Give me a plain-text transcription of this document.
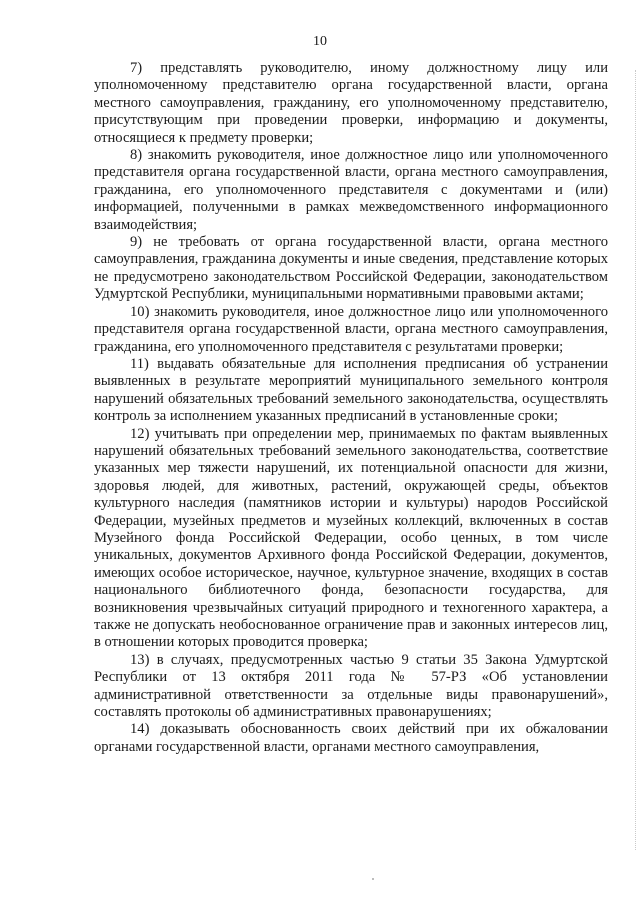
10

7) представлять руководителю, иному должностному лицу или уполномоченному представителю органа государственной власти, органа местного самоуправления, гражданину, его уполномоченному представителю, присутствующим при проведении проверки, информацию и документы, относящиеся к предмету проверки;

8) знакомить руководителя, иное должностное лицо или уполномоченного представителя органа государственной власти, органа местного самоуправления, гражданина, его уполномоченного представителя с документами и (или) информацией, полученными в рамках межведомственного информационного взаимодействия;

9) не требовать от органа государственной власти, органа местного самоуправления, гражданина документы и иные сведения, представление которых не предусмотрено законодательством Российской Федерации, законодательством Удмуртской Республики, муниципальными нормативными правовыми актами;

10) знакомить руководителя, иное должностное лицо или уполномоченного представителя органа государственной власти, органа местного самоуправления, гражданина, его уполномоченного представителя с результатами проверки;

11) выдавать обязательные для исполнения предписания об устранении выявленных в результате мероприятий муниципального земельного контроля нарушений обязательных требований земельного законодательства, осуществлять контроль за исполнением указанных предписаний в установленные сроки;

12) учитывать при определении мер, принимаемых по фактам выявленных нарушений обязательных требований земельного законодательства, соответствие указанных мер тяжести нарушений, их потенциальной опасности для жизни, здоровья людей, для животных, растений, окружающей среды, объектов культурного наследия (памятников истории и культуры) народов Российской Федерации, музейных предметов и музейных коллекций, включенных в состав Музейного фонда Российской Федерации, особо ценных, в том числе уникальных, документов Архивного фонда Российской Федерации, документов, имеющих особое историческое, научное, культурное значение, входящих в состав национального библиотечного фонда, безопасности государства, для возникновения чрезвычайных ситуаций природного и техногенного характера, а также не допускать необоснованное ограничение прав и законных интересов лиц, в отношении которых проводится проверка;

13) в случаях, предусмотренных частью 9 статьи 35 Закона Удмуртской Республики от 13 октября 2011 года № 57-РЗ «Об установлении административной ответственности за отдельные виды правонарушений», составлять протоколы об административных правонарушениях;

14) доказывать обоснованность своих действий при их обжаловании органами государственной власти, органами местного самоуправления,
